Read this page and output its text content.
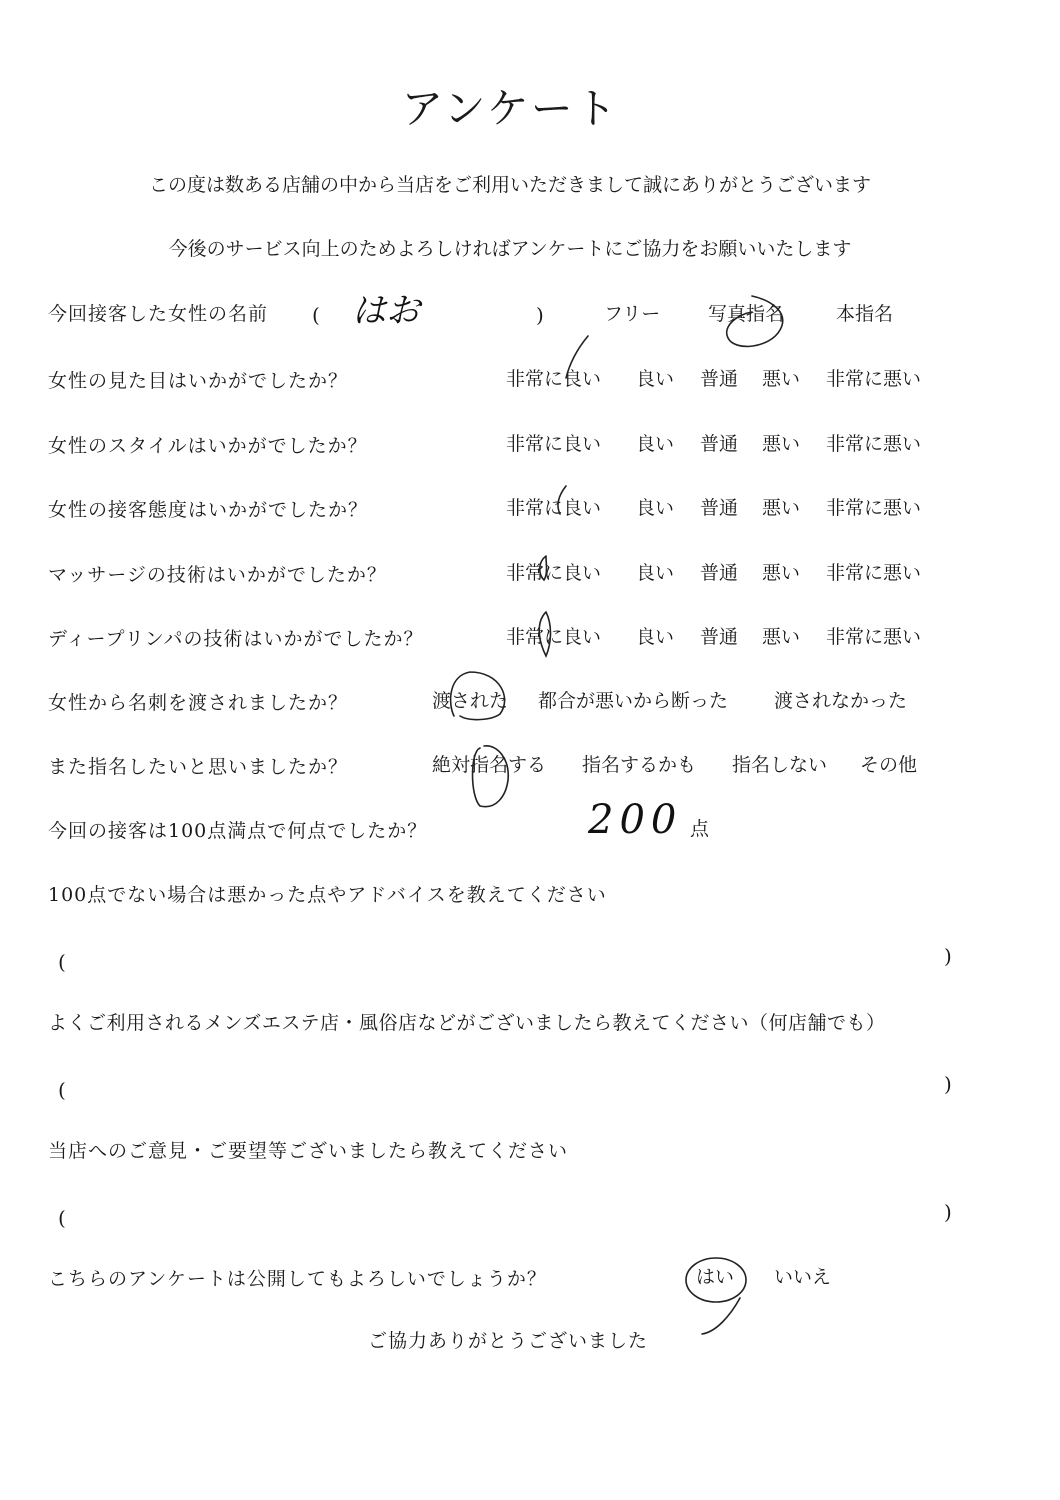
アンケート
この度は数ある店舗の中から当店をご利用いただきまして誠にありがとうございます
今後のサービス向上のためよろしければアンケートにご協力をお願いいたします
今回接客した女性の名前 ( はお	)	フリー	写真指名	本指名
女性の見た目はいかがでしたか？	非常に良い 良い 普通 悪い 非常に悪い
女性のスタイルはいかがでしたか？	非常に良い 良い 普通 悪い 非常に悪い
女性の接客態度はいかがでしたか？	非常に良い 良い 普通 悪い 非常に悪い
マッサージの技術はいかがでしたか？	非常に良い 良い 普通 悪い 非常に悪い
ディープリンパの技術はいかがでしたか？	非常に良い 良い 普通 悪い 非常に悪い
女性から名刺を渡されましたか？	渡された 都合が悪いから断った 渡されなかった
また指名したいと思いましたか？	絶対指名する 指名するかも 指名しない その他
今回の接客は100点満点で何点でしたか？	200 点
100点でない場合は悪かった点やアドバイスを教えてください
(	)
よくご利用されるメンズエステ店・風俗店などがございましたら教えてください（何店舗でも）
(	)
当店へのご意見・ご要望等ございましたら教えてください
(	)
こちらのアンケートは公開してもよろしいでしょうか？	はい いいえ
ご協力ありがとうございました
